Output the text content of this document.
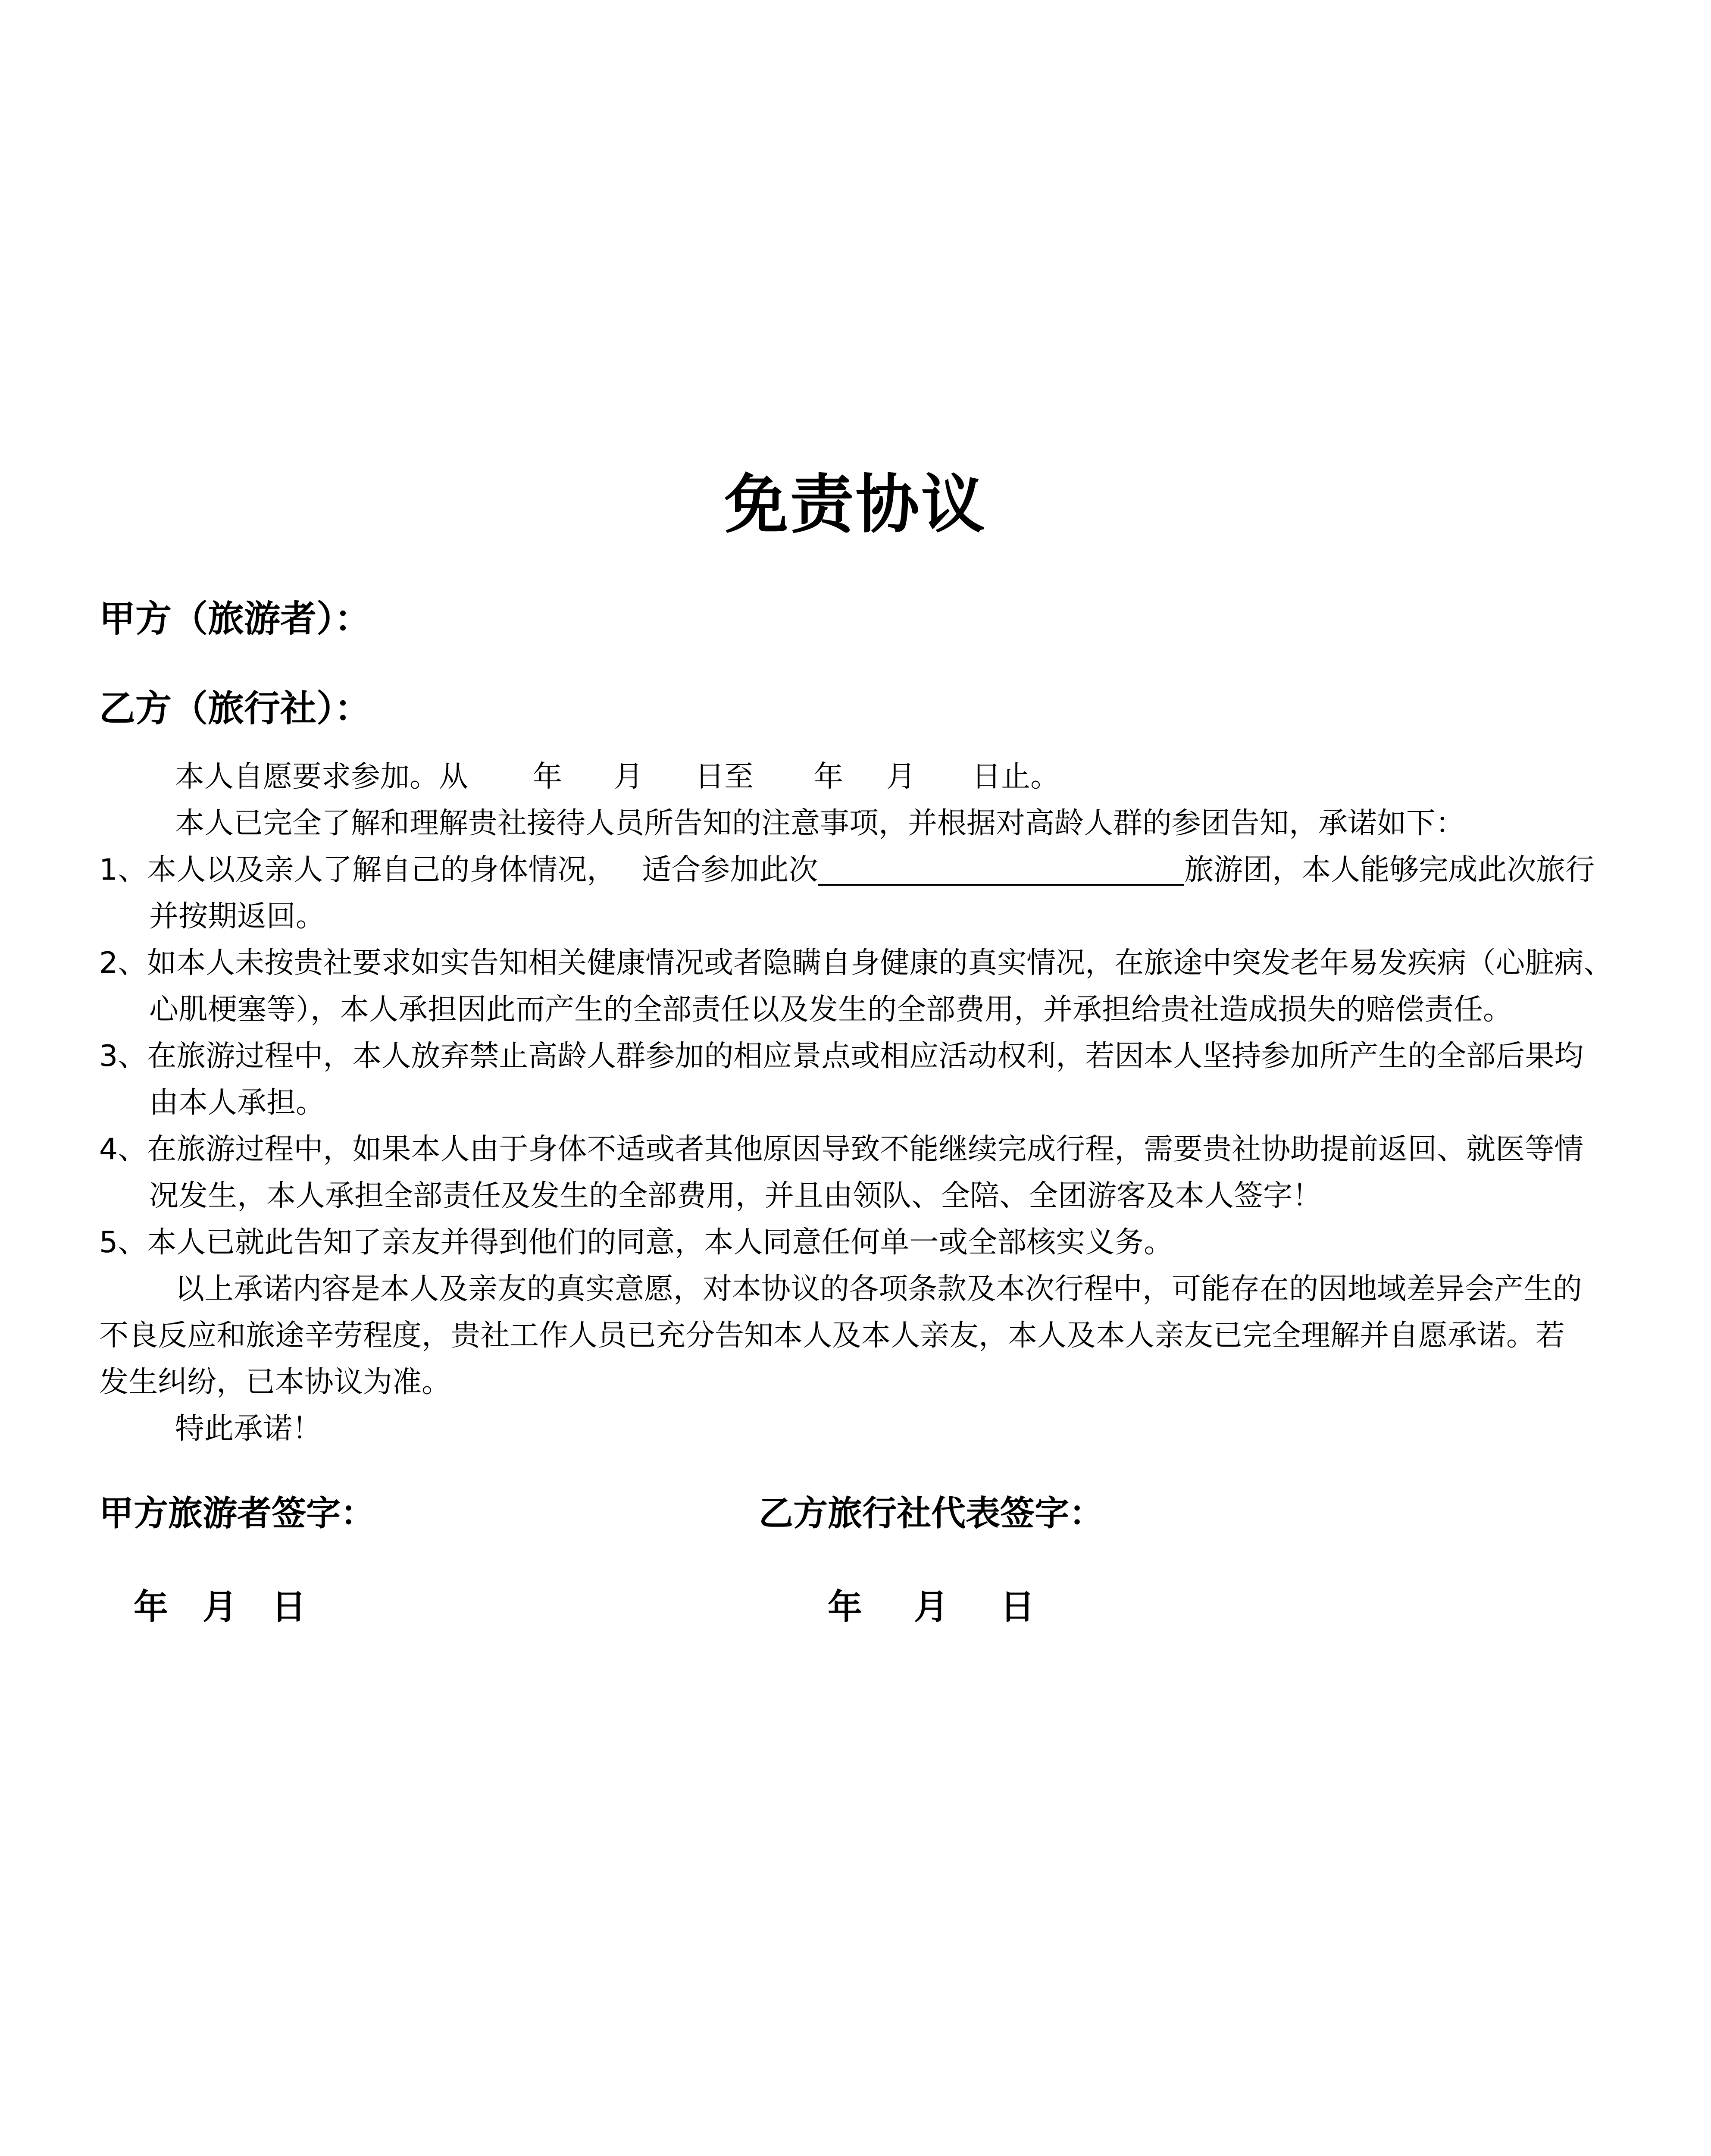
免责协议
甲方（旅游者）：
乙方（旅行社）：
本人自愿要求参加。从 年 月 日至 年 月 日止。
本人已完全了解和理解贵社接待人员所告知的注意事项，并根据对高龄人群的参团告知，承诺如下：
1、本人以及亲人了解自己的身体情况， 适合参加此次	旅游团，本人能够完成此次旅行
并按期返回。
2、如本人未按贵社要求如实告知相关健康情况或者隐瞒自身健康的真实情况，在旅途中突发老年易发疾病（心脏病、
心肌梗塞等），本人承担因此而产生的全部责任以及发生的全部费用，并承担给贵社造成损失的赔偿责任。
3、在旅游过程中，本人放弃禁止高龄人群参加的相应景点或相应活动权利，若因本人坚持参加所产生的全部后果均
由本人承担。
4、在旅游过程中，如果本人由于身体不适或者其他原因导致不能继续完成行程，需要贵社协助提前返回、就医等情
况发生，本人承担全部责任及发生的全部费用，并且由领队、全陪、全团游客及本人签字！
5、本人已就此告知了亲友并得到他们的同意，本人同意任何单一或全部核实义务。
以上承诺内容是本人及亲友的真实意愿，对本协议的各项条款及本次行程中，可能存在的因地域差异会产生的
不良反应和旅途辛劳程度，贵社工作人员已充分告知本人及本人亲友，本人及本人亲友已完全理解并自愿承诺。若
发生纠纷，已本协议为准。
特此承诺！
甲方旅游者签字：	乙方旅行社代表签字：
年 月 日	年 月 日
